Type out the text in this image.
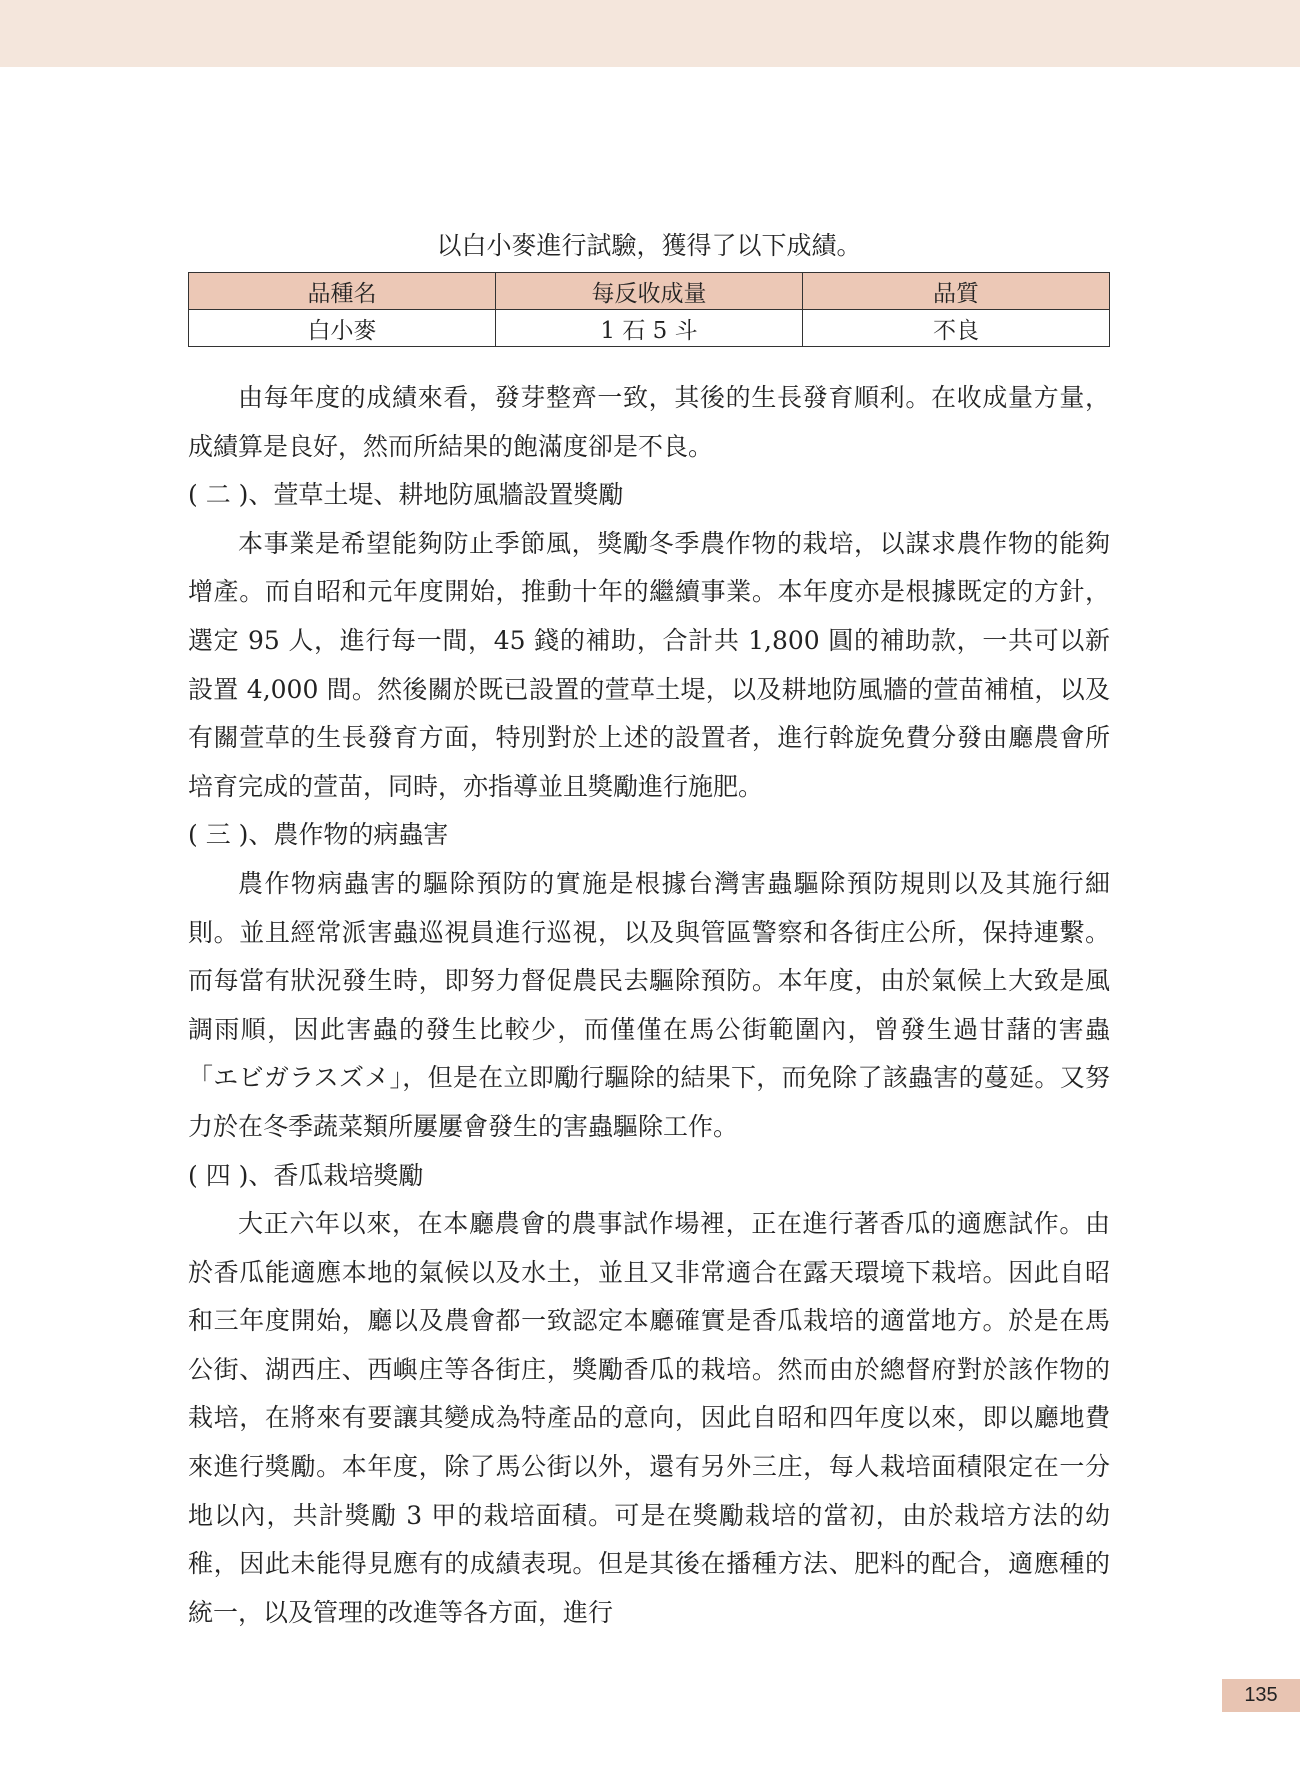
以白小麥進行試驗，獲得了以下成績。
品種名	每反收成量	品質
白小麥	1 石 5 斗	不良

由每年度的成績來看，發芽整齊一致，其後的生長發育順利。在收成量方量，成績算是良好，然而所結果的飽滿度卻是不良。

( 二 )、萱草土堤、耕地防風牆設置獎勵

本事業是希望能夠防止季節風，獎勵冬季農作物的栽培，以謀求農作物的能夠增產。而自昭和元年度開始，推動十年的繼續事業。本年度亦是根據既定的方針，選定 95 人，進行每一間，45 錢的補助，合計共 1,800 圓的補助款，一共可以新設置 4,000 間。然後關於既已設置的萱草土堤，以及耕地防風牆的萱苗補植，以及有關萱草的生長發育方面，特別對於上述的設置者，進行斡旋免費分發由廳農會所培育完成的萱苗，同時，亦指導並且獎勵進行施肥。

( 三 )、農作物的病蟲害

農作物病蟲害的驅除預防的實施是根據台灣害蟲驅除預防規則以及其施行細則。並且經常派害蟲巡視員進行巡視，以及與管區警察和各街庄公所，保持連繫。而每當有狀況發生時，即努力督促農民去驅除預防。本年度，由於氣候上大致是風調雨順，因此害蟲的發生比較少，而僅僅在馬公街範圍內，曾發生過甘藷的害蟲「エビガラスズメ」，但是在立即勵行驅除的結果下，而免除了該蟲害的蔓延。又努力於在冬季蔬菜類所屢屢會發生的害蟲驅除工作。

( 四 )、香瓜栽培獎勵

大正六年以來，在本廳農會的農事試作場裡，正在進行著香瓜的適應試作。由於香瓜能適應本地的氣候以及水土，並且又非常適合在露天環境下栽培。因此自昭和三年度開始，廳以及農會都一致認定本廳確實是香瓜栽培的適當地方。於是在馬公街、湖西庄、西嶼庄等各街庄，獎勵香瓜的栽培。然而由於總督府對於該作物的栽培，在將來有要讓其變成為特產品的意向，因此自昭和四年度以來，即以廳地費來進行獎勵。本年度，除了馬公街以外，還有另外三庄，每人栽培面積限定在一分地以內，共計獎勵 3 甲的栽培面積。可是在獎勵栽培的當初，由於栽培方法的幼稚，因此未能得見應有的成績表現。但是其後在播種方法、肥料的配合，適應種的統一，以及管理的改進等各方面，進行

135
